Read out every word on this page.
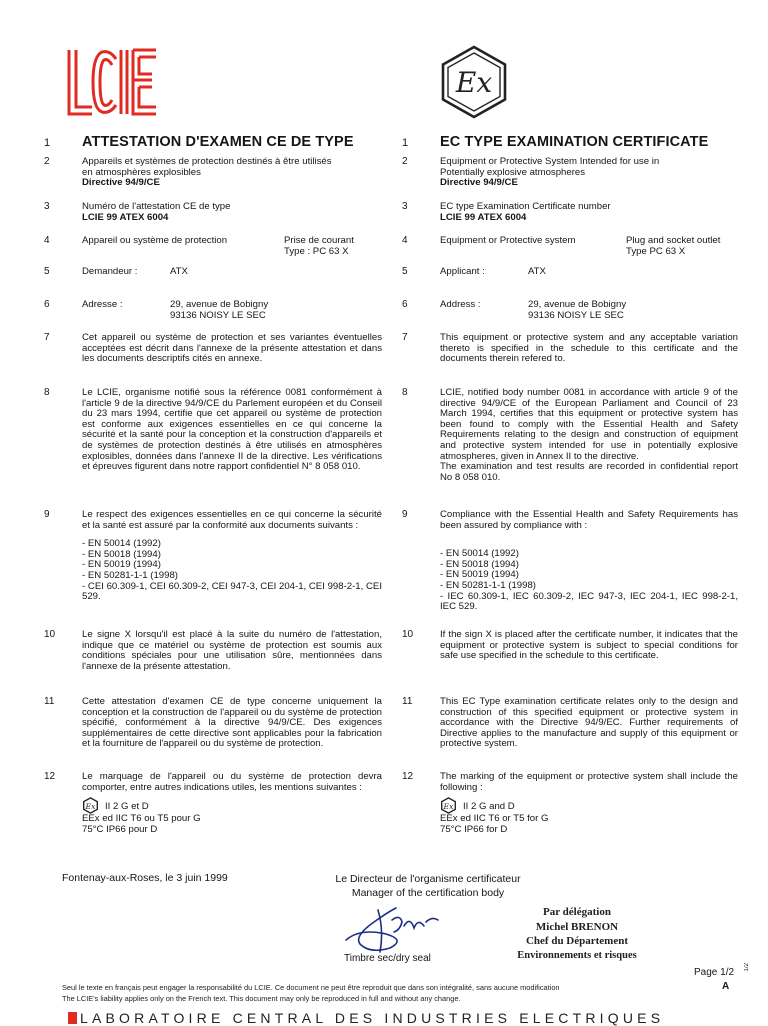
Ex
1	ATTESTATION D'EXAMEN CE DE TYPE
2	Appareils et systèmes de protection destinés à être utilisés
en atmosphères explosibles
Directive 94/9/CE
3	Numéro de l'attestation CE de type
LCIE 99 ATEX 6004
4	Appareil ou système de protection	Prise de courant
Type : PC 63 X
5	Demandeur :	ATX
6	Adresse :	29, avenue de Bobigny
93136 NOISY LE SEC
7	Cet appareil ou système de protection et ses variantes éventuelles acceptées est décrit dans l'annexe de la présente attestation et dans les documents descriptifs cités en annexe.
8	Le LCIE, organisme notifié sous la référence 0081 conformément à l'article 9 de la directive 94/9/CE du Parlement européen et du Conseil du 23 mars 1994, certifie que cet appareil ou système de protection est conforme aux exigences essentielles en ce qui concerne la sécurité et la santé pour la conception et la construction d'appareils et de systèmes de protection destinés à être utilisés en atmosphères explosibles, données dans l'annexe II de la directive. Les vérifications et épreuves figurent dans notre rapport confidentiel N° 8 058 010.
9	Le respect des exigences essentielles en ce qui concerne la sécurité et la santé est assuré par la conformité aux documents suivants :
- EN 50014 (1992)
- EN 50018 (1994)
- EN 50019 (1994)
- EN 50281-1-1 (1998)
- CEI 60.309-1, CEI 60.309-2, CEI 947-3, CEI 204-1, CEI 998-2-1, CEI 529.
10	Le signe X lorsqu'il est placé à la suite du numéro de l'attestation, indique que ce matériel ou système de protection est soumis aux conditions spéciales pour une utilisation sûre, mentionnées dans l'annexe de la présente attestation.
11	Cette attestation d'examen CE de type concerne uniquement la conception et la construction de l'appareil ou du système de protection spécifié, conformément à la directive 94/9/CE. Des exigences supplémentaires de cette directive sont applicables pour la fabrication et la fourniture de l'appareil ou du système de protection.
12	Le marquage de l'appareil ou du système de protection devra comporter, entre autres indications utiles, les mentions suivantes :
Ex II 2 G et D
EEx ed IIC T6 ou T5 pour G
75°C IP66 pour D
1	EC TYPE EXAMINATION CERTIFICATE
2	Equipment or Protective System Intended for use in
Potentially explosive atmospheres
Directive 94/9/CE
3	EC type Examination Certificate number
LCIE 99 ATEX 6004
4	Equipment or Protective system	Plug and socket outlet
Type PC 63 X
5	Applicant :	ATX
6	Address :	29, avenue de Bobigny
93136 NOISY LE SEC
7	This equipment or protective system and any acceptable variation thereto is specified in the schedule to this certificate and the documents therein refered to.
8	LCIE, notified body number 0081 in accordance with article 9 of the directive 94/9/CE of the European Parliament and Council of 23 March 1994, certifies that this equipment or protective system has been found to comply with the Essential Health and Safety Requirements relating to the design and construction of equipment and protective system intended for use in potentially explosive atmospheres, given in Annex II to the directive.
The examination and test results are recorded in confidential report No 8 058 010.
9	Compliance with the Essential Health and Safety Requirements has been assured by compliance with :
- EN 50014 (1992)
- EN 50018 (1994)
- EN 50019 (1994)
- EN 50281-1-1 (1998)
- IEC 60.309-1, IEC 60.309-2, IEC 947-3, IEC 204-1, IEC 998-2-1, IEC 529.
10	If the sign X is placed after the certificate number, it indicates that the equipment or protective system is subject to special conditions for safe use specified in the schedule to this certificate.
11	This EC Type examination certificate relates only to the design and construction of this specified equipment or protective system in accordance with the Directive 94/9/EC. Further requirements of Directive applies to the manufacture and supply of this equipment or protective system.
12	The marking of the equipment or protective system shall include the following :
Ex II 2 G and D
EEx ed IIC T6 or T5 for G
75°C IP66 for D
Fontenay-aux-Roses, le 3 juin 1999	Le Directeur de l'organisme certificateur
Manager of the certification body
Timbre sec/dry seal
Par délégation
Michel BRENON
Chef du Département
Environnements et risques
Page 1/2 1/2
A
Seul le texte en français peut engager la responsabilité du LCIE. Ce document ne peut être reproduit que dans son intégralité, sans aucune modification
The LCIE's liability applies only on the French text. This document may only be reproduced in full and without any change.
LABORATOIRE CENTRAL DES INDUSTRIES ELECTRIQUES
